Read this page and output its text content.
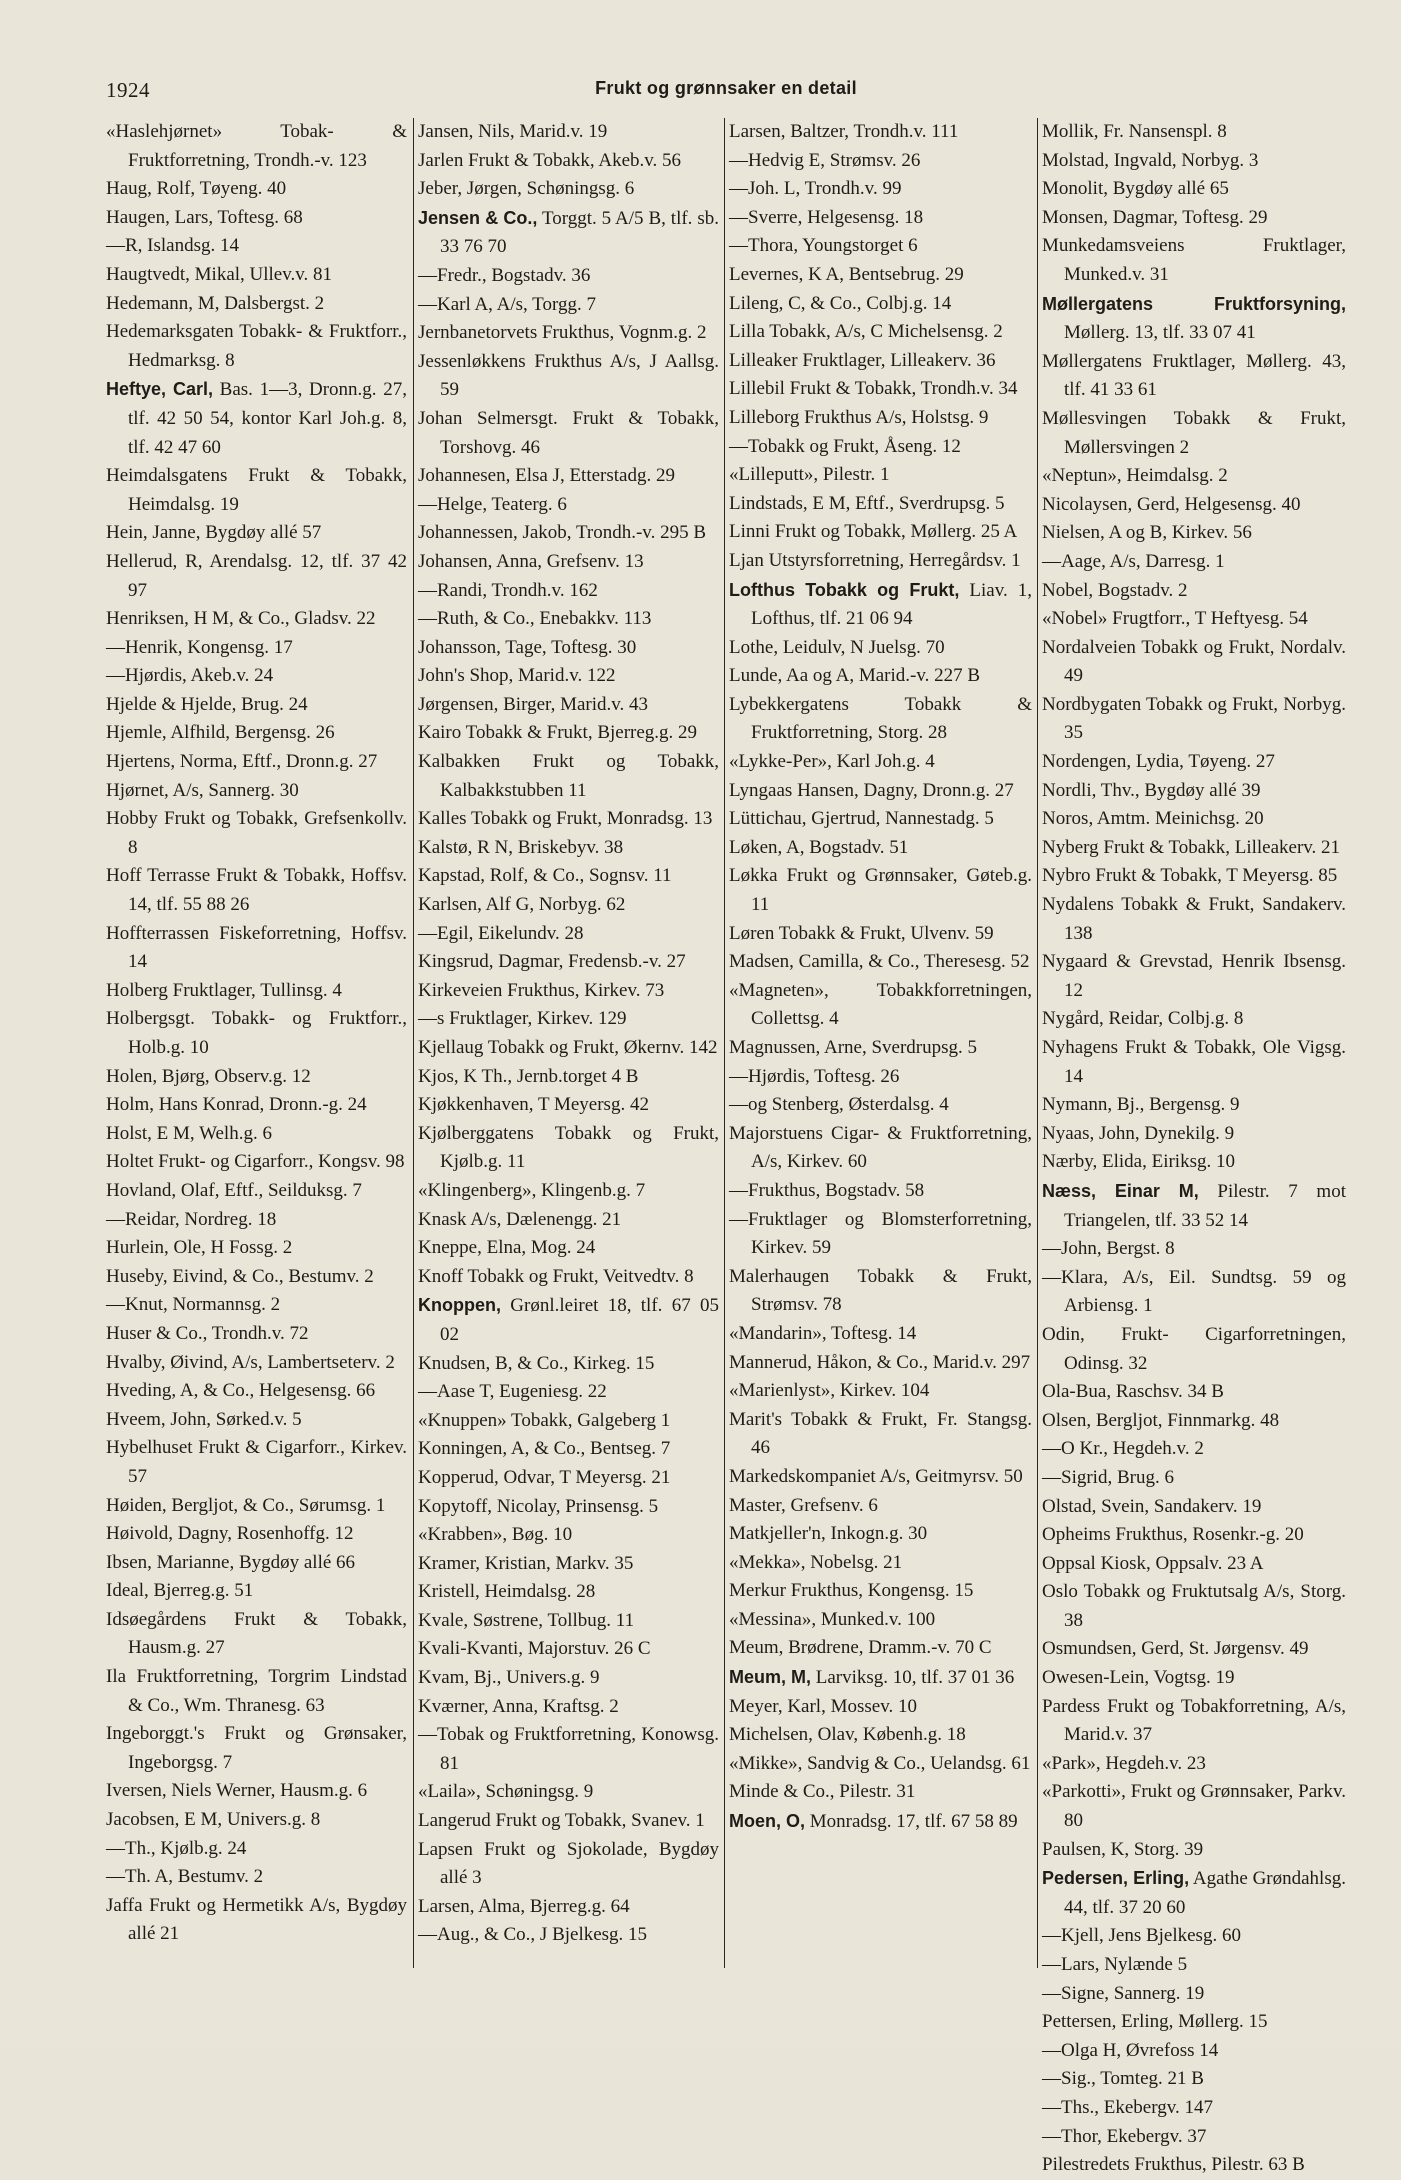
1924	Frukt og grønnsaker en detail

«Haslehjørnet» Tobak- & Fruktforretning, Trondh.-v. 123

Haug, Rolf, Tøyeng. 40

Haugen, Lars, Toftesg. 68

—R, Islandsg. 14

Haugtvedt, Mikal, Ullev.v. 81

Hedemann, M, Dalsbergst. 2

Hedemarksgaten Tobakk- & Fruktforr., Hedmarksg. 8

Heftye, Carl, Bas. 1—3, Dronn.g. 27, tlf. 42 50 54, kontor Karl Joh.g. 8, tlf. 42 47 60

Heimdalsgatens Frukt & Tobakk, Heimdalsg. 19

Hein, Janne, Bygdøy allé 57

Hellerud, R, Arendalsg. 12, tlf. 37 42 97

Henriksen, H M, & Co., Gladsv. 22

—Henrik, Kongensg. 17

—Hjørdis, Akeb.v. 24

Hjelde & Hjelde, Brug. 24

Hjemle, Alfhild, Bergensg. 26

Hjertens, Norma, Eftf., Dronn.g. 27

Hjørnet, A/s, Sannerg. 30

Hobby Frukt og Tobakk, Grefsenkollv. 8

Hoff Terrasse Frukt & Tobakk, Hoffsv. 14, tlf. 55 88 26

Hoffterrassen Fiskeforretning, Hoffsv. 14

Holberg Fruktlager, Tullinsg. 4

Holbergsgt. Tobakk- og Fruktforr., Holb.g. 10

Holen, Bjørg, Observ.g. 12

Holm, Hans Konrad, Dronn.-g. 24

Holst, E M, Welh.g. 6

Holtet Frukt- og Cigarforr., Kongsv. 98

Hovland, Olaf, Eftf., Seilduksg. 7

—Reidar, Nordreg. 18

Hurlein, Ole, H Fossg. 2

Huseby, Eivind, & Co., Bestumv. 2

—Knut, Normannsg. 2

Huser & Co., Trondh.v. 72

Hvalby, Øivind, A/s, Lambertseterv. 2

Hveding, A, & Co., Helgesensg. 66

Hveem, John, Sørked.v. 5

Hybelhuset Frukt & Cigarforr., Kirkev. 57

Høiden, Bergljot, & Co., Sørumsg. 1

Høivold, Dagny, Rosenhoffg. 12

Ibsen, Marianne, Bygdøy allé 66

Ideal, Bjerreg.g. 51

Idsøegårdens Frukt & Tobakk, Hausm.g. 27

Ila Fruktforretning, Torgrim Lindstad & Co., Wm. Thranesg. 63

Ingeborggt.'s Frukt og Grønsaker, Ingeborgsg. 7

Iversen, Niels Werner, Hausm.g. 6

Jacobsen, E M, Univers.g. 8

—Th., Kjølb.g. 24

—Th. A, Bestumv. 2

Jaffa Frukt og Hermetikk A/s, Bygdøy allé 21

Jansen, Nils, Marid.v. 19

Jarlen Frukt & Tobakk, Akeb.v. 56

Jeber, Jørgen, Schøningsg. 6

Jensen & Co., Torggt. 5 A/5 B, tlf. sb. 33 76 70

—Fredr., Bogstadv. 36

—Karl A, A/s, Torgg. 7

Jernbanetorvets Frukthus, Vognm.g. 2

Jessenløkkens Frukthus A/s, J Aallsg. 59

Johan Selmersgt. Frukt & Tobakk, Torshovg. 46

Johannesen, Elsa J, Etterstadg. 29

—Helge, Teaterg. 6

Johannessen, Jakob, Trondh.-v. 295 B

Johansen, Anna, Grefsenv. 13

—Randi, Trondh.v. 162

—Ruth, & Co., Enebakkv. 113

Johansson, Tage, Toftesg. 30

John's Shop, Marid.v. 122

Jørgensen, Birger, Marid.v. 43

Kairo Tobakk & Frukt, Bjerreg.g. 29

Kalbakken Frukt og Tobakk, Kalbakkstubben 11

Kalles Tobakk og Frukt, Monradsg. 13

Kalstø, R N, Briskebyv. 38

Kapstad, Rolf, & Co., Sognsv. 11

Karlsen, Alf G, Norbyg. 62

—Egil, Eikelundv. 28

Kingsrud, Dagmar, Fredensb.-v. 27

Kirkeveien Frukthus, Kirkev. 73

—s Fruktlager, Kirkev. 129

Kjellaug Tobakk og Frukt, Økernv. 142

Kjos, K Th., Jernb.torget 4 B

Kjøkkenhaven, T Meyersg. 42

Kjølberggatens Tobakk og Frukt, Kjølb.g. 11

«Klingenberg», Klingenb.g. 7

Knask A/s, Dælenengg. 21

Kneppe, Elna, Mog. 24

Knoff Tobakk og Frukt, Veitvedtv. 8

Knoppen, Grønl.leiret 18, tlf. 67 05 02

Knudsen, B, & Co., Kirkeg. 15

—Aase T, Eugeniesg. 22

«Knuppen» Tobakk, Galgeberg 1

Konningen, A, & Co., Bentseg. 7

Kopperud, Odvar, T Meyersg. 21

Kopytoff, Nicolay, Prinsensg. 5

«Krabben», Bøg. 10

Kramer, Kristian, Markv. 35

Kristell, Heimdalsg. 28

Kvale, Søstrene, Tollbug. 11

Kvali-Kvanti, Majorstuv. 26 C

Kvam, Bj., Univers.g. 9

Kværner, Anna, Kraftsg. 2

—Tobak og Fruktforretning, Konowsg. 81

«Laila», Schøningsg. 9

Langerud Frukt og Tobakk, Svanev. 1

Lapsen Frukt og Sjokolade, Bygdøy allé 3

Larsen, Alma, Bjerreg.g. 64

—Aug., & Co., J Bjelkesg. 15

Larsen, Baltzer, Trondh.v. 111

—Hedvig E, Strømsv. 26

—Joh. L, Trondh.v. 99

—Sverre, Helgesensg. 18

—Thora, Youngstorget 6

Levernes, K A, Bentsebrug. 29

Lileng, C, & Co., Colbj.g. 14

Lilla Tobakk, A/s, C Michelsensg. 2

Lilleaker Fruktlager, Lilleakerv. 36

Lillebil Frukt & Tobakk, Trondh.v. 34

Lilleborg Frukthus A/s, Holstsg. 9

—Tobakk og Frukt, Åseng. 12

«Lilleputt», Pilestr. 1

Lindstads, E M, Eftf., Sverdrupsg. 5

Linni Frukt og Tobakk, Møllerg. 25 A

Ljan Utstyrsforretning, Herregårdsv. 1

Lofthus Tobakk og Frukt, Liav. 1, Lofthus, tlf. 21 06 94

Lothe, Leidulv, N Juelsg. 70

Lunde, Aa og A, Marid.-v. 227 B

Lybekkergatens Tobakk & Fruktforretning, Storg. 28

«Lykke-Per», Karl Joh.g. 4

Lyngaas Hansen, Dagny, Dronn.g. 27

Lüttichau, Gjertrud, Nannestadg. 5

Løken, A, Bogstadv. 51

Løkka Frukt og Grønnsaker, Gøteb.g. 11

Løren Tobakk & Frukt, Ulvenv. 59

Madsen, Camilla, & Co., Theresesg. 52

«Magneten», Tobakkforretningen, Collettsg. 4

Magnussen, Arne, Sverdrupsg. 5

—Hjørdis, Toftesg. 26

—og Stenberg, Østerdalsg. 4

Majorstuens Cigar- & Fruktforretning, A/s, Kirkev. 60

—Frukthus, Bogstadv. 58

—Fruktlager og Blomsterforretning, Kirkev. 59

Malerhaugen Tobakk & Frukt, Strømsv. 78

«Mandarin», Toftesg. 14

Mannerud, Håkon, & Co., Marid.v. 297

«Marienlyst», Kirkev. 104

Marit's Tobakk & Frukt, Fr. Stangsg. 46

Markedskompaniet A/s, Geitmyrsv. 50

Master, Grefsenv. 6

Matkjeller'n, Inkogn.g. 30

«Mekka», Nobelsg. 21

Merkur Frukthus, Kongensg. 15

«Messina», Munked.v. 100

Meum, Brødrene, Dramm.-v. 70 C

Meum, M, Larviksg. 10, tlf. 37 01 36

Meyer, Karl, Mossev. 10

Michelsen, Olav, Københ.g. 18

«Mikke», Sandvig & Co., Uelandsg. 61

Minde & Co., Pilestr. 31

Moen, O, Monradsg. 17, tlf. 67 58 89

Mollik, Fr. Nansenspl. 8

Molstad, Ingvald, Norbyg. 3

Monolit, Bygdøy allé 65

Monsen, Dagmar, Toftesg. 29

Munkedamsveiens Fruktlager, Munked.v. 31

Møllergatens Fruktforsyning, Møllerg. 13, tlf. 33 07 41

Møllergatens Fruktlager, Møllerg. 43, tlf. 41 33 61

Møllesvingen Tobakk & Frukt, Møllersvingen 2

«Neptun», Heimdalsg. 2

Nicolaysen, Gerd, Helgesensg. 40

Nielsen, A og B, Kirkev. 56

—Aage, A/s, Darresg. 1

Nobel, Bogstadv. 2

«Nobel» Frugtforr., T Heftyesg. 54

Nordalveien Tobakk og Frukt, Nordalv. 49

Nordbygaten Tobakk og Frukt, Norbyg. 35

Nordengen, Lydia, Tøyeng. 27

Nordli, Thv., Bygdøy allé 39

Noros, Amtm. Meinichsg. 20

Nyberg Frukt & Tobakk, Lilleakerv. 21

Nybro Frukt & Tobakk, T Meyersg. 85

Nydalens Tobakk & Frukt, Sandakerv. 138

Nygaard & Grevstad, Henrik Ibsensg. 12

Nygård, Reidar, Colbj.g. 8

Nyhagens Frukt & Tobakk, Ole Vigsg. 14

Nymann, Bj., Bergensg. 9

Nyaas, John, Dynekilg. 9

Nærby, Elida, Eiriksg. 10

Næss, Einar M, Pilestr. 7 mot Triangelen, tlf. 33 52 14

—John, Bergst. 8

—Klara, A/s, Eil. Sundtsg. 59 og Arbiensg. 1

Odin, Frukt- Cigarforretningen, Odinsg. 32

Ola-Bua, Raschsv. 34 B

Olsen, Bergljot, Finnmarkg. 48

—O Kr., Hegdeh.v. 2

—Sigrid, Brug. 6

Olstad, Svein, Sandakerv. 19

Opheims Frukthus, Rosenkr.-g. 20

Oppsal Kiosk, Oppsalv. 23 A

Oslo Tobakk og Fruktutsalg A/s, Storg. 38

Osmundsen, Gerd, St. Jørgensv. 49

Owesen-Lein, Vogtsg. 19

Pardess Frukt og Tobakforretning, A/s, Marid.v. 37

«Park», Hegdeh.v. 23

«Parkotti», Frukt og Grønnsaker, Parkv. 80

Paulsen, K, Storg. 39

Pedersen, Erling, Agathe Grøndahlsg. 44, tlf. 37 20 60

—Kjell, Jens Bjelkesg. 60

—Lars, Nylænde 5

—Signe, Sannerg. 19

Pettersen, Erling, Møllerg. 15

—Olga H, Øvrefoss 14

—Sig., Tomteg. 21 B

—Ths., Ekebergv. 147

—Thor, Ekebergv. 37

Pilestredets Frukthus, Pilestr. 63 B
